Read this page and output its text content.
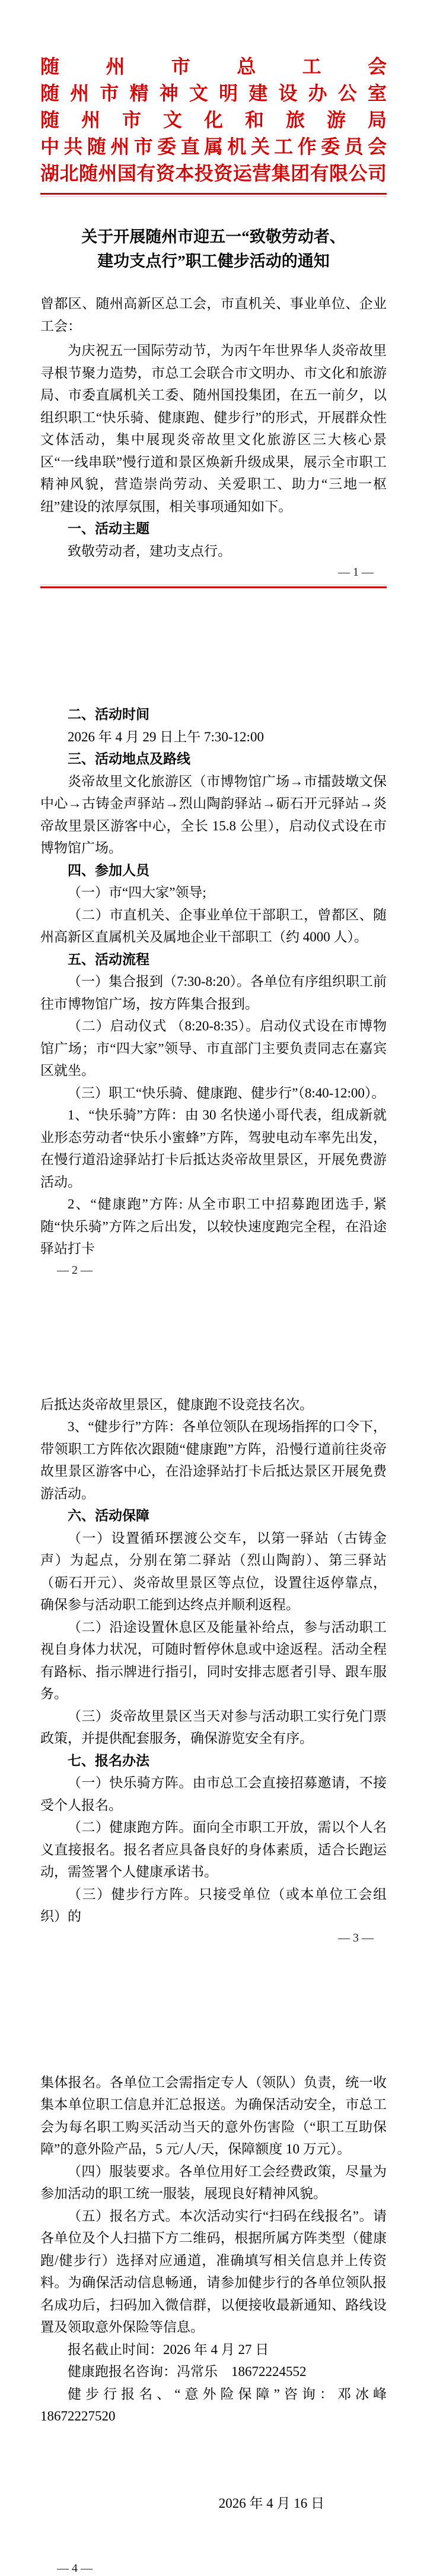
随州市总工会
随州市精神文明建设办公室
随州市文化和旅游局
中共随州市委直属机关工作委员会
湖北随州国有资本投资运营集团有限公司
关于开展随州市迎五一“致敬劳动者、
建功支点行”职工健步活动的通知
曾都区、随州高新区总工会，市直机关、事业单位、企业工会：

为庆祝五一国际劳动节，为丙午年世界华人炎帝故里寻根节聚力造势，市总工会联合市文明办、市文化和旅游局、市委直属机关工委、随州国投集团，在五一前夕，以组织职工“快乐骑、健康跑、健步行”的形式，开展群众性文体活动，集中展现炎帝故里文化旅游区三大核心景区“一线串联”慢行道和景区焕新升级成果，展示全市职工精神风貌，营造崇尚劳动、关爱职工、助力“三地一枢纽”建设的浓厚氛围，相关事项通知如下。

一、活动主题

致敬劳动者，建功支点行。

— 1 —

二、活动时间

2026 年 4 月 29 日上午 7:30-12:00

三、活动地点及路线

炎帝故里文化旅游区（市博物馆广场→市擂鼓墩文保中心→古铸金声驿站→烈山陶韵驿站→砺石开元驿站→炎帝故里景区游客中心，全长 15.8 公里），启动仪式设在市博物馆广场。

四、参加人员

（一）市“四大家”领导;

（二）市直机关、企事业单位干部职工，曾都区、随州高新区直属机关及属地企业干部职工（约 4000 人）。

五、活动流程

（一）集合报到（7:30-8:20）。各单位有序组织职工前往市博物馆广场，按方阵集合报到。

（二）启动仪式 （8:20-8:35）。启动仪式设在市博物馆广场；市“四大家”领导、市直部门主要负责同志在嘉宾区就坐。

（三）职工“快乐骑、健康跑、健步行”（8:40-12:00）。

1、“快乐骑”方阵：由 30 名快递小哥代表，组成新就业形态劳动者“快乐小蜜蜂”方阵，驾驶电动车率先出发，在慢行道沿途驿站打卡后抵达炎帝故里景区，开展免费游活动。

2、“健康跑”方阵: 从全市职工中招募跑团选手, 紧随“快乐骑”方阵之后出发，以较快速度跑完全程，在沿途驿站打卡

— 2 —

后抵达炎帝故里景区，健康跑不设竞技名次。

3、“健步行”方阵：各单位领队在现场指挥的口令下，带领职工方阵依次跟随“健康跑”方阵，沿慢行道前往炎帝故里景区游客中心，在沿途驿站打卡后抵达景区开展免费游活动。

六、活动保障

（一）设置循环摆渡公交车，以第一驿站（古铸金声）为起点，分别在第二驿站（烈山陶韵）、第三驿站（砺石开元）、炎帝故里景区等点位，设置往返停靠点，确保参与活动职工能到达终点并顺利返程。

（二）沿途设置休息区及能量补给点，参与活动职工视自身体力状况，可随时暂停休息或中途返程。活动全程有路标、指示牌进行指引，同时安排志愿者引导、跟车服务。

（三）炎帝故里景区当天对参与活动职工实行免门票政策，并提供配套服务，确保游览安全有序。

七、报名办法

（一）快乐骑方阵。由市总工会直接招募邀请，不接受个人报名。

（二）健康跑方阵。面向全市职工开放，需以个人名义直接报名。报名者应具备良好的身体素质，适合长跑运动，需签署个人健康承诺书。

（三）健步行方阵。只接受单位（或本单位工会组织）的

— 3 —

集体报名。各单位工会需指定专人（领队）负责，统一收集本单位职工信息并汇总报送。为确保活动安全，市总工会为每名职工购买活动当天的意外伤害险（“职工互助保障”的意外险产品，5 元/人/天，保障额度 10 万元）。

（四）服装要求。各单位用好工会经费政策，尽量为参加活动的职工统一服装，展现良好精神风貌。

（五）报名方式。本次活动实行“扫码在线报名”。请各单位及个人扫描下方二维码，根据所属方阵类型（健康跑/健步行）选择对应通道，准确填写相关信息并上传资料。为确保活动信息畅通，请参加健步行的各单位领队报名成功后，扫码加入微信群，以便接收最新通知、路线设置及领取意外保险等信息。

报名截止时间：2026 年 4 月 27 日

健康跑报名咨询：冯常乐　18672224552

健步行报名、“意外险保障”咨询：邓冰峰　18672227520

2026 年 4 月 16 日
— 4 —
